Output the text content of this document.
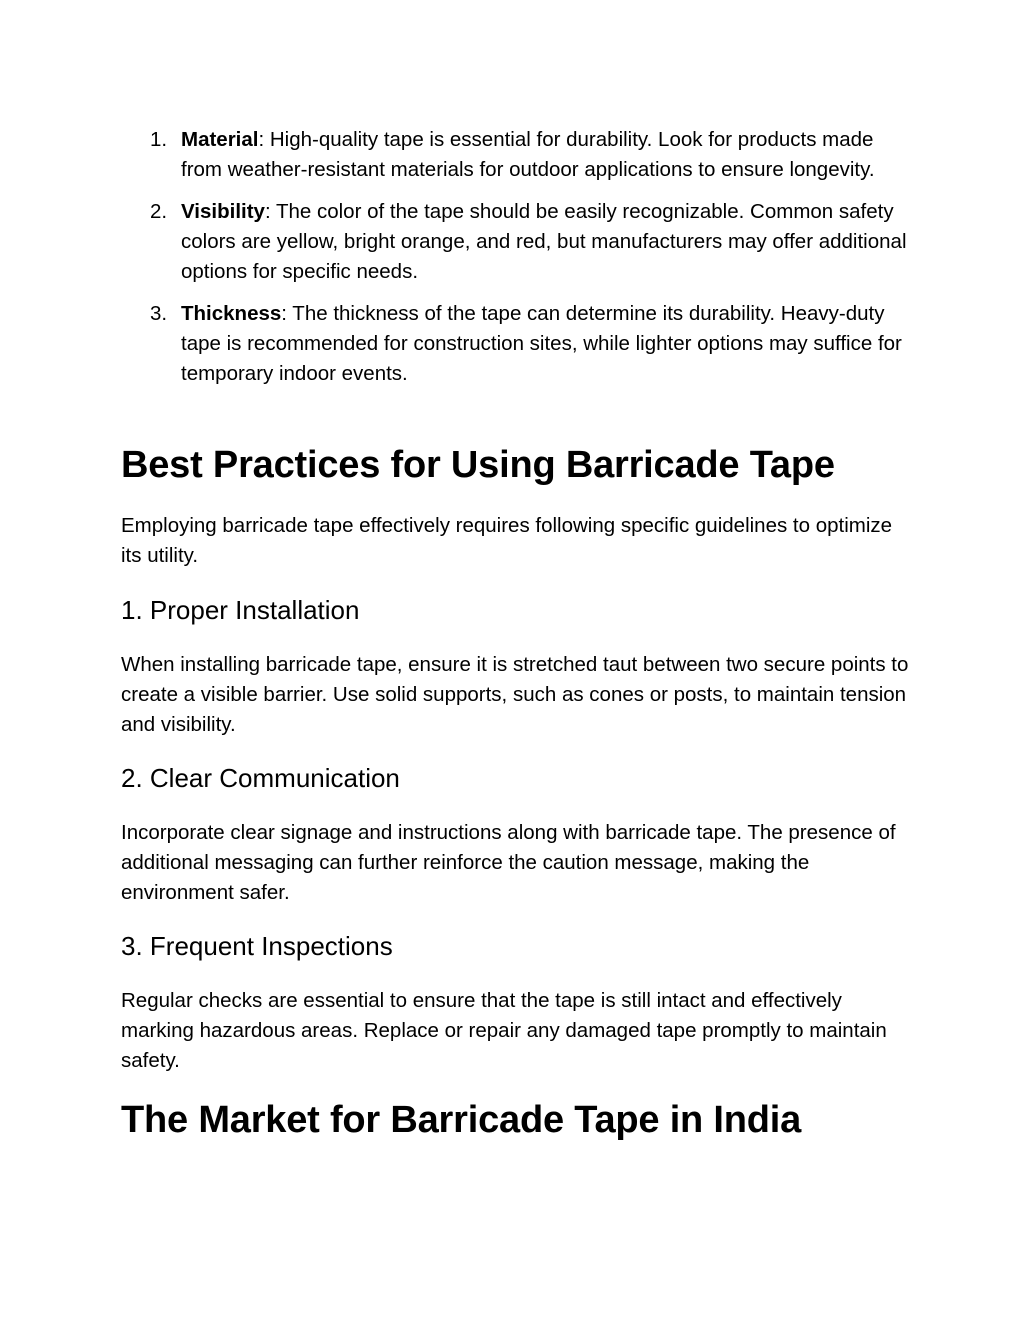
1. Material: High-quality tape is essential for durability. Look for products made from weather-resistant materials for outdoor applications to ensure longevity.
2. Visibility: The color of the tape should be easily recognizable. Common safety colors are yellow, bright orange, and red, but manufacturers may offer additional options for specific needs.
3. Thickness: The thickness of the tape can determine its durability. Heavy-duty tape is recommended for construction sites, while lighter options may suffice for temporary indoor events.
Best Practices for Using Barricade Tape

Employing barricade tape effectively requires following specific guidelines to optimize its utility.

1. Proper Installation

When installing barricade tape, ensure it is stretched taut between two secure points to create a visible barrier. Use solid supports, such as cones or posts, to maintain tension and visibility.

2. Clear Communication

Incorporate clear signage and instructions along with barricade tape. The presence of additional messaging can further reinforce the caution message, making the environment safer.

3. Frequent Inspections

Regular checks are essential to ensure that the tape is still intact and effectively marking hazardous areas. Replace or repair any damaged tape promptly to maintain safety.

The Market for Barricade Tape in India
